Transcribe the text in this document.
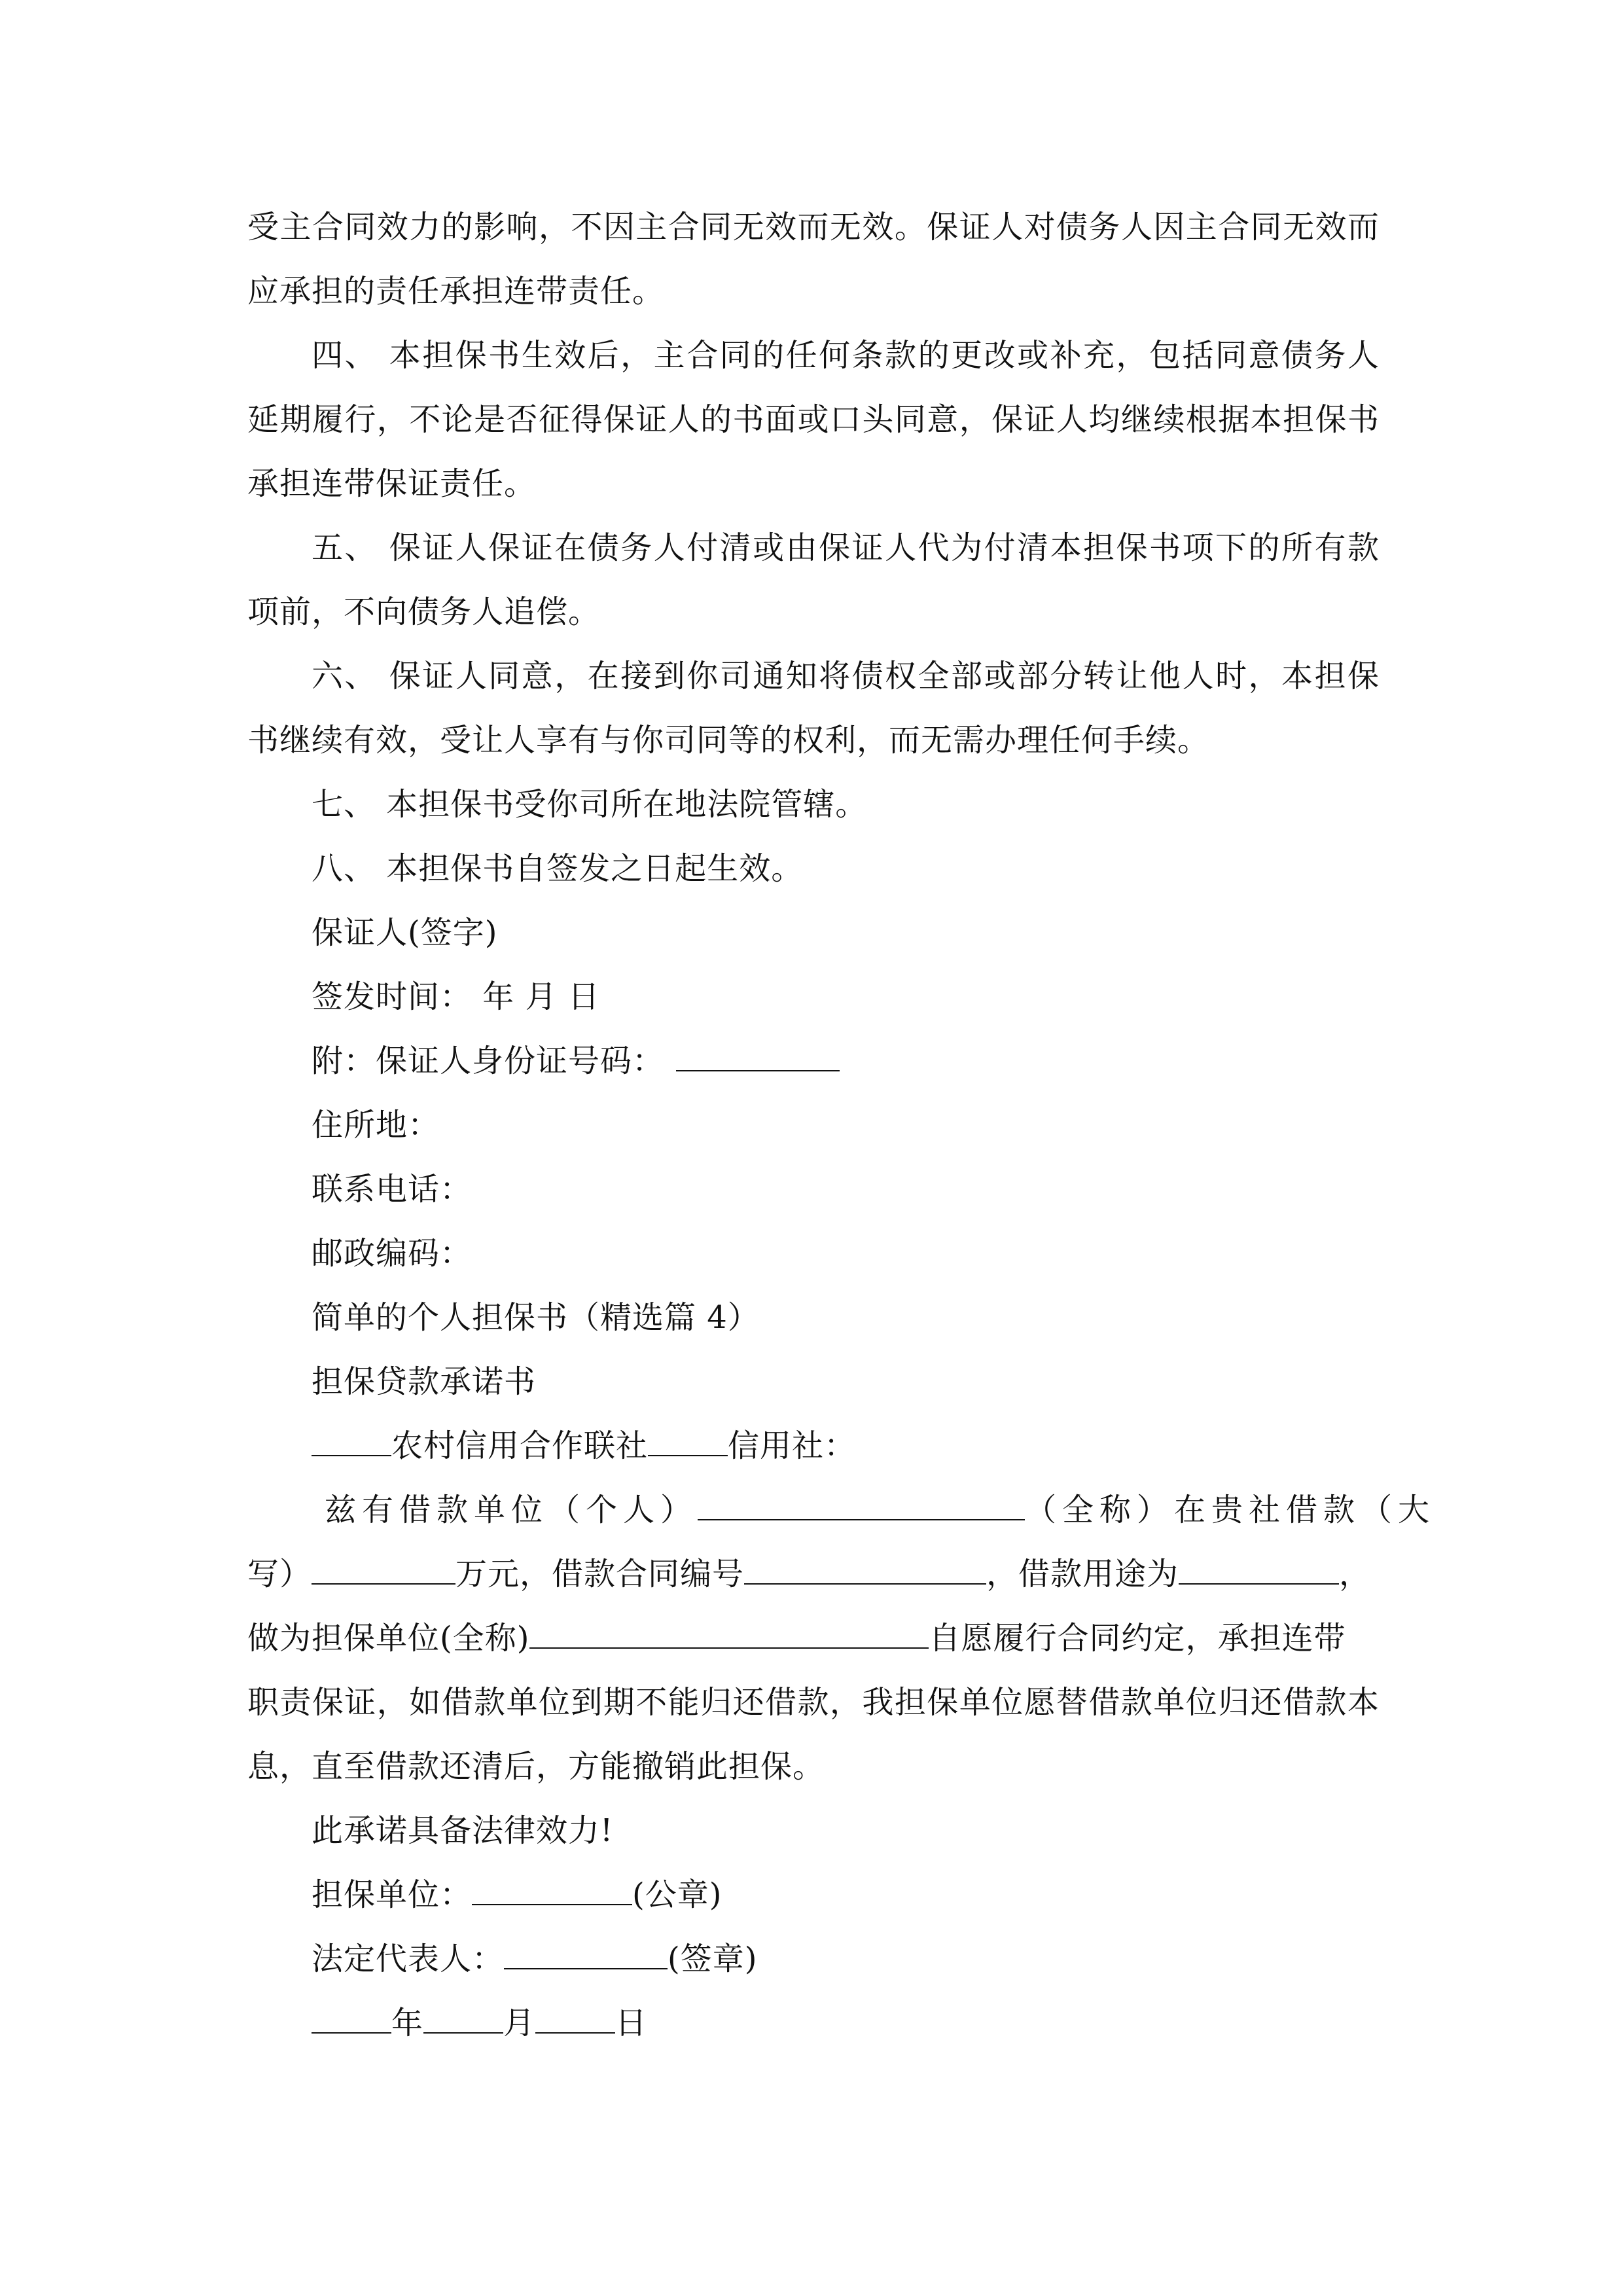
受主合同效力的影响，不因主合同无效而无效。保证人对债务人因主合同无效而
应承担的责任承担连带责任。
四、 本担保书生效后，主合同的任何条款的更改或补充，包括同意债务人
延期履行，不论是否征得保证人的书面或口头同意，保证人均继续根据本担保书
承担连带保证责任。
五、 保证人保证在债务人付清或由保证人代为付清本担保书项下的所有款
项前，不向债务人追偿。
六、 保证人同意，在接到你司通知将债权全部或部分转让他人时，本担保
书继续有效，受让人享有与你司同等的权利，而无需办理任何手续。
七、 本担保书受你司所在地法院管辖。
八、 本担保书自签发之日起生效。
保证人(签字)
签发时间： 年 月 日
附：保证人身份证号码：
住所地：
联系电话：
邮政编码：
简单的个人担保书（精选篇 4）
担保贷款承诺书
农村信用合作联社	信用社：
兹有借款单位（个人）	（全称）在贵社借款（大
写）	万元，借款合同编号	，借款用途为	，
做为担保单位(全称)	自愿履行合同约定，承担连带
职责保证，如借款单位到期不能归还借款，我担保单位愿替借款单位归还借款本
息，直至借款还清后，方能撤销此担保。
此承诺具备法律效力!
担保单位：	(公章)
法定代表人：	(签章)
年	月	日
